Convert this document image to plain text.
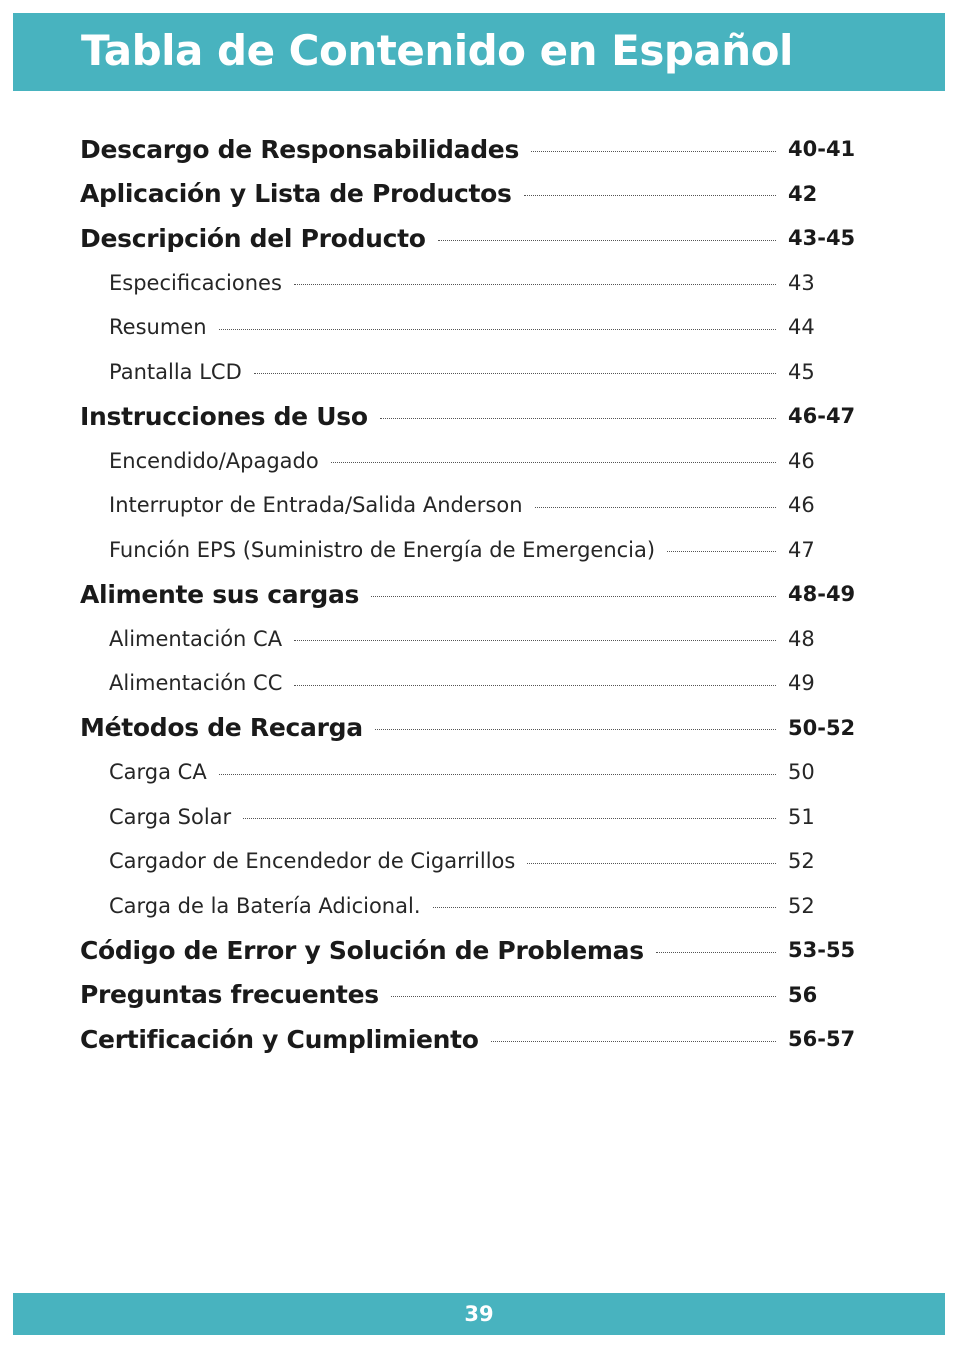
Tabla de Contenido en Español
Descargo de Responsabilidades	40-41
Aplicación y Lista de Productos	42
Descripción del Producto	43-45
Especificaciones	43
Resumen	44
Pantalla LCD	45
Instrucciones de Uso	46-47
Encendido/Apagado	46
Interruptor de Entrada/Salida Anderson	46
Función EPS (Suministro de Energía de Emergencia)	47
Alimente sus cargas	48-49
Alimentación CA	48
Alimentación CC	49
Métodos de Recarga	50-52
Carga CA	50
Carga Solar	51
Cargador de Encendedor de Cigarrillos	52
Carga de la Batería Adicional.	52
Código de Error y Solución de Problemas	53-55
Preguntas frecuentes	56
Certificación y Cumplimiento	56-57
39
